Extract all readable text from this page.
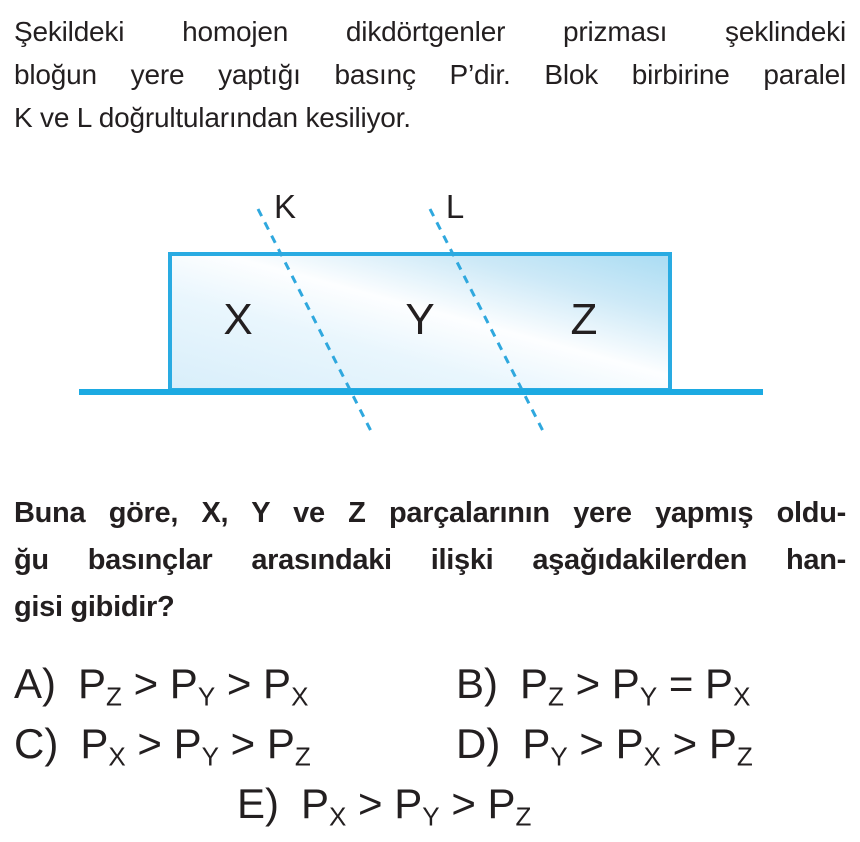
Şekildeki homojen dikdörtgenler prizması şeklindeki
bloğun yere yaptığı basınç P’dir. Blok birbirine paralel
K ve L doğrultularından kesiliyor.

K	L
X	Y	Z

Buna göre, X, Y ve Z parçalarının yere yapmış oldu-
ğu basınçlar arasındaki ilişki aşağıdakilerden han-
gisi gibidir?

A) $P_Z > P_Y > P_X$	B) $P_Z > P_Y = P_X$
C) $P_X > P_Y > P_Z$	D) $P_Y > P_X > P_Z$
E) $P_X > P_Y > P_Z$
